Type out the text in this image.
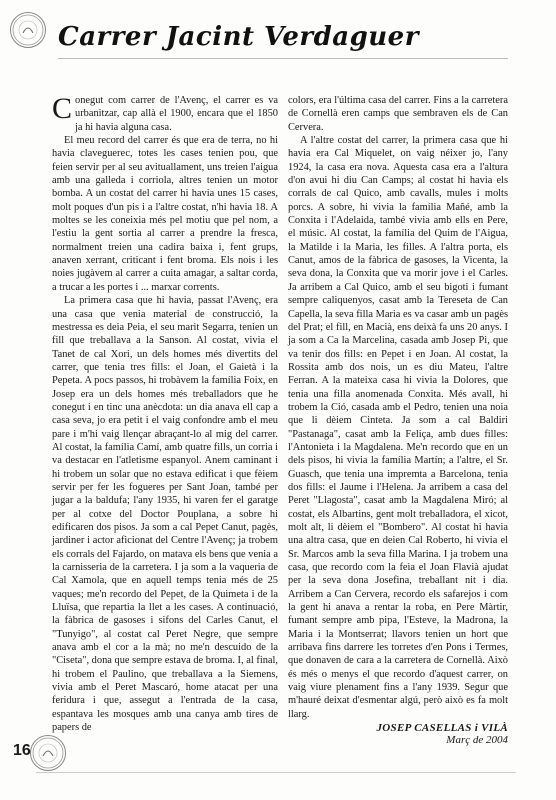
Carrer Jacint Verdaguer

Conegut com carrer de l'Avenç, el carrer es va urbanitzar, cap allà el 1900, encara que el 1850 ja hi havia alguna casa.

El meu record del carrer és que era de terra, no hi havia claveguerес, totes les cases tenien pou, que feien servir per al seu avituallament, uns treien l'aigua amb una galleda i corriola, altres tenien un motor bomba. A un costat del carrer hi havia unes 15 cases, molt poques d'un pis i a l'altre costat, n'hi havia 18. A moltes se les coneixia més pel motiu que pel nom, a l'estiu la gent sortia al carrer a prendre la fresca, normalment treien una cadira baixa i, fent grups, anaven xerrant, criticant i fent broma. Els nois i les noies jugàvem al carrer a cuita amagar, a saltar corda, a trucar a les portes i ... marxar corrents.

La primera casa que hi havia, passat l'Avenç, era una casa que venia material de construcció, la mestressa es deia Peia, el seu marit Segarra, tenien un fill que treballava a la Sanson. Al costat, vivia el Tanet de cal Xori, un dels homes més divertits del carrer, que tenia tres fills: el Joan, el Gaietà i la Pepeta. A pocs passos, hi trobàvem la família Foix, en Josep era un dels homes més treballadors que he conegut i en tinc una anècdota: un dia anava ell cap a casa seva, jo era petit i el vaig confondre amb el meu pare i m'hi vaig llençar abraçant-lo al mig del carrer. Al costat, la família Camí, amb quatre fills, un corria i va destacar en l'atletisme espanyol. Anem caminant i hi trobem un solar que no estava edificat i que fèiem servir per fer les fogueres per Sant Joan, també per jugar a la baldufa; l'any 1935, hi varen fer el garatge per al cotxe del Doctor Pouplana, a sobre hi edificaren dos pisos. Ja som a cal Pepet Canut, pagès, jardiner i actor aficionat del Centre l'Avenç; ja trobem els corrals del Fajardo, on matava els bens que venia a la carnisseria de la carretera. I ja som a la vaqueria de Cal Xamola, que en aquell temps tenia més de 25 vaques; me'n recordo del Pepet, de la Quimeta i de la Lluïsa, que repartia la llet a les cases. A continuació, la fàbrica de gasoses i sifons del Carles Canut, el "Tunyigo", al costat cal Peret Negre, que sempre anava amb el cor a la mà; no me'n descuido de la "Ciseta", dona que sempre estava de broma. I, al final, hi trobem el Paulino, que treballava a la Siemens, vivia amb el Peret Mascaró, home atacat per una feridura i que, assegut a l'entrada de la casa, espantava les mosques amb una canya amb tires de papers de

colors, era l'última casa del carrer. Fins a la carretera de Cornellà eren camps que sembraven els de Can Cervera.

A l'altre costat del carrer, la primera casa que hi havia era Cal Miquelet, on vaig néixer jo, l'any 1924, la casa era nova. Aquesta casa era a l'altura d'on avui hi diu Can Camps; al costat hi havia els corrals de cal Quico, amb cavalls, mules i molts porcs. A sobre, hi vivia la família Mañé, amb la Conxita i l'Adelaida, també vivia amb ells en Pere, el músic. Al costat, la família del Quim de l'Aigua, la Matilde i la Maria, les filles. A l'altra porta, els Canut, amos de la fàbrica de gasoses, la Vicenta, la seva dona, la Conxita que va morir jove i el Carles. Ja arribem a Cal Quico, amb el seu bigoti i fumant sempre caliquenyos, casat amb la Tereseta de Can Capella, la seva filla Maria es va casar amb un pagès del Prat; el fill, en Macià, ens deixà fa uns 20 anys. I ja som a Ca la Marcelina, casada amb Josep Pi, que va tenir dos fills: en Pepet i en Joan. Al costat, la Rossita amb dos nois, un es diu Mateu, l'altre Ferran. A la mateixa casa hi vivia la Dolores, que tenia una filla anomenada Conxita. Més avall, hi trobem la Ció, casada amb el Pedro, tenien una noia que li dèiem Cinteta. Ja som a cal Baldiri "Pastanaga", casat amb la Feliça, amb dues filles: l'Antonieta i la Magdalena. Me'n recordo que en un dels pisos, hi vivia la família Martín; a l'altre, el Sr. Guasch, que tenia una impremta a Barcelona, tenia dos fills: el Jaume i l'Helena. Ja arribem a casa del Peret "Llagosta", casat amb la Magdalena Miró; al costat, els Albartins, gent molt treballadora, el xicot, molt alt, li dèiem el "Bombero". Al costat hi havia una altra casa, que en deien Cal Roberto, hi vivia el Sr. Marcos amb la seva filla Marina. I ja trobem una casa, que recordo com la feia el Joan Flavià ajudat per la seva dona Josefina, treballant nit i dia. Arribem a Can Cervera, recordo els safarejos i com la gent hi anava a rentar la roba, en Pere Màrtir, fumant sempre amb pipa, l'Esteve, la Madrona, la Maria i la Montserrat; llavors tenien un hort que arribava fins darrere les torretes d'en Pons i Termes, que donaven de cara a la carretera de Cornellà. Això és més o menys el que recordo d'aquest carrer, on vaig viure plenament fins a l'any 1939. Segur que m'hauré deixat d'esmentar algú, però això es fa molt llarg.

JOSEP CASELLAS i VILÀ
Març de 2004
16
